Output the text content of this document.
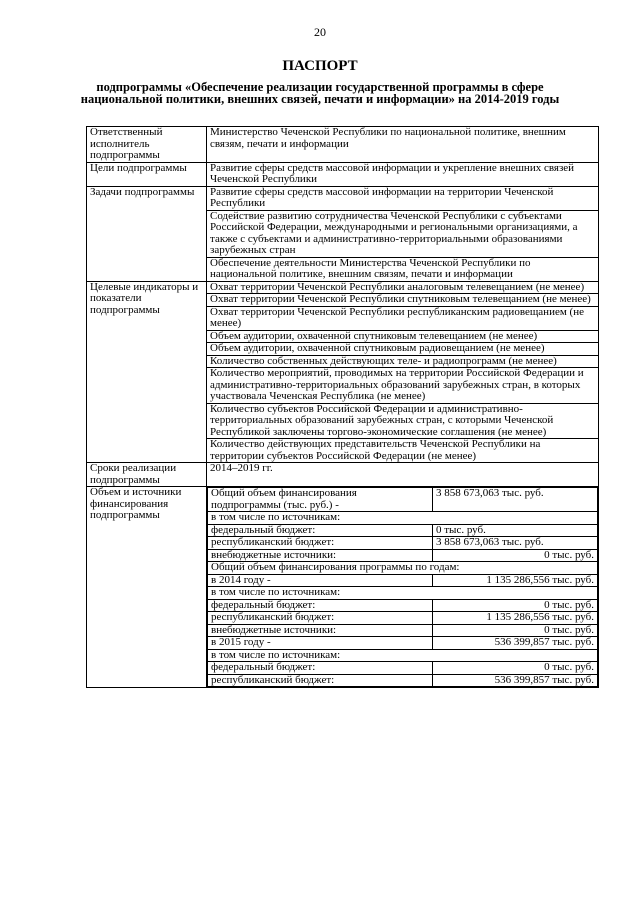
20
ПАСПОРТ
подпрограммы «Обеспечение реализации государственной программы в сфере национальной политики, внешних связей, печати и информации» на 2014-2019 годы
Ответственный исполнитель подпрограммы	Министерство Чеченской Республики по национальной политике, внешним связям, печати и информации
Цели подпрограммы	Развитие сферы средств массовой информации и укрепление внешних связей Чеченской Республики
Задачи подпрограммы	Развитие сферы средств массовой информации на территории Чеченской Республики
Содействие развитию сотрудничества Чеченской Республики с субъектами Российской Федерации, международными и региональными организациями, а также с субъектами и административно-территориальными образованиями зарубежных стран
Обеспечение деятельности Министерства Чеченской Республики по национальной политике, внешним связям, печати и информации
Целевые индикаторы и показатели подпрограммы	Охват территории Чеченской Республики аналоговым телевещанием (не менее)
Охват территории Чеченской Республики спутниковым телевещанием (не менее)
Охват территории Чеченской Республики республиканским радиовещанием (не менее)
Объем аудитории, охваченной спутниковым телевещанием (не менее)
Объем аудитории, охваченной спутниковым радиовещанием (не менее)
Количество собственных действующих теле- и радиопрограмм (не менее)
Количество мероприятий, проводимых на территории Российской Федерации и административно-территориальных образований зарубежных стран, в которых участвовала Чеченская Республика (не менее)
Количество субъектов Российской Федерации и административно-территориальных образований зарубежных стран, с которыми Чеченской Республикой заключены торгово-экономические соглашения (не менее)
Количество действующих представительств Чеченской Республики на территории субъектов Российской Федерации (не менее)
Сроки реализации подпрограммы	2014–2019 гг.
Объем и источники финансирования подпрограммы	
Общий объем финансирования подпрограммы (тыс. руб.) -	3 858 673,063 тыс. руб.
в том числе по источникам:
федеральный бюджет:	0 тыс. руб.
республиканский бюджет:	3 858 673,063 тыс. руб.
внебюджетные источники:	0 тыс. руб.
Общий объем финансирования программы по годам:
в 2014 году -	1 135 286,556 тыс. руб.
в том числе по источникам:
федеральный бюджет:	0 тыс. руб.
республиканский бюджет:	1 135 286,556 тыс. руб.
внебюджетные источники:	0 тыс. руб.
в 2015 году -	536 399,857 тыс. руб.
в том числе по источникам:
федеральный бюджет:	0 тыс. руб.
республиканский бюджет:	536 399,857 тыс. руб.
